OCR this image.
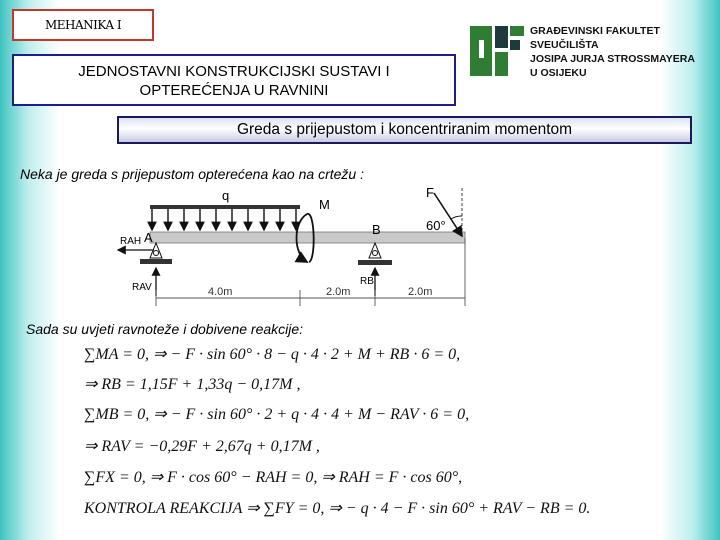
MEHANIKA I
JEDNOSTAVNI KONSTRUKCIJSKI SUSTAVI I
OPTEREĆENJA U RAVNINI
GRAĐEVINSKI FAKULTET
SVEUČILIŠTA
JOSIPA JURJA STROSSMAYERA
U OSIJEKU
Greda s prijepustom i koncentriranim momentom
Neka je greda s prijepustom opterećena kao na crtežu :
q
M
F
60°
A
B
RAH
RAV
RB
4.0m	2.0m	2.0m
Sada su uvjeti ravnoteže i dobivene reakcije:
∑MA = 0, ⇒ − F · sin 60° · 8 − q · 4 · 2 + M + RB · 6 = 0,
⇒ RB = 1,15F + 1,33q − 0,17M ,
∑MB = 0, ⇒ − F · sin 60° · 2 + q · 4 · 4 + M − RAV · 6 = 0,
⇒ RAV = −0,29F + 2,67q + 0,17M ,
∑FX = 0, ⇒ F · cos 60° − RAH = 0, ⇒ RAH = F · cos 60°,
KONTROLA REAKCIJA ⇒ ∑FY = 0, ⇒ − q · 4 − F · sin 60° + RAV − RB = 0.
